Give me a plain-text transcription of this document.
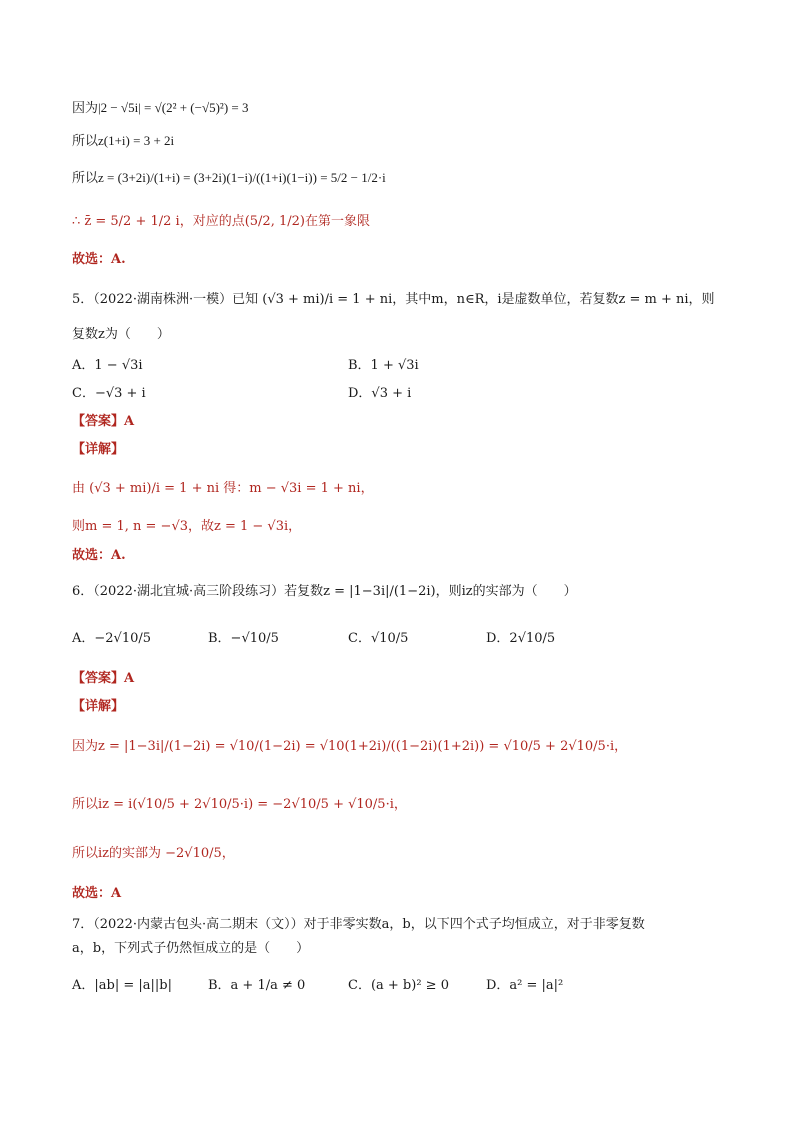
因为|2 − √5i| = √(2² + (−√5)²) = 3
所以z(1+i) = 3 + 2i
所以 z = (3+2i)/(1+i) = (3+2i)(1−i)/((1+i)(1−i)) = 5/2 − 1/2·i
∴ z̄ = 5/2 + 1/2 i，对应的点(5/2, 1/2)在第一象限
故选：A.
5．（2022·湖南株洲·一模）已知 (√3 + mi)/i = 1 + ni，其中m，n∈R，i是虚数单位，若复数z = m + ni，则
复数z为（　　）
A．1 − √3i	B．1 + √3i
C．−√3 + i	D．√3 + i
【答案】A
【详解】
由 (√3 + mi)/i = 1 + ni 得：m − √3i = 1 + ni，
则m = 1, n = −√3，故z = 1 − √3i，
故选：A.
6．（2022·湖北宜城·高三阶段练习）若复数z = |1−3i|/(1−2i)，则iz的实部为（　　）
A．−2√10/5	B．−√10/5	C．√10/5	D．2√10/5
【答案】A
【详解】
因为z = |1−3i|/(1−2i) = √10/(1−2i) = √10(1+2i)/((1−2i)(1+2i)) = √10/5 + 2√10/5·i，
所以iz = i(√10/5 + 2√10/5·i) = −2√10/5 + √10/5·i，
所以iz的实部为 −2√10/5，
故选：A
7．（2022·内蒙古包头·高二期末（文））对于非零实数a，b，以下四个式子均恒成立，对于非零复数
a，b，下列式子仍然恒成立的是（　　）
A．|ab| = |a||b|	B．a + 1/a ≠ 0	C．(a + b)² ≥ 0	D．a² = |a|²
